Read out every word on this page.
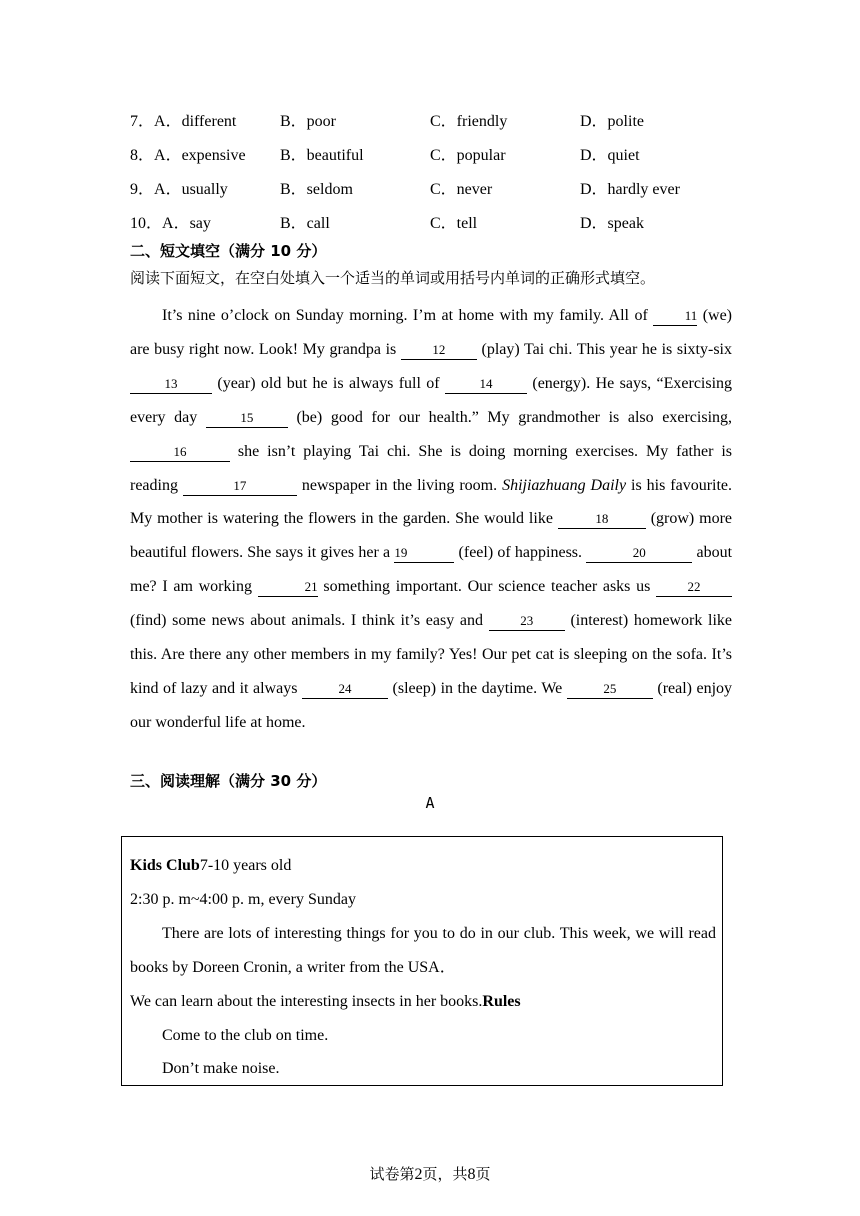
7．A．different	B．poor	C．friendly	D．polite
8．A．expensive B．beautiful	C．popular	D．quiet
9．A．usually	B．seldom	C．never	D．hardly ever
10．A．say	B．call	C．tell	D．speak
二、短文填空（满分 10 分）
阅读下面短文，在空白处填入一个适当的单词或用括号内单词的正确形式填空。

It’s nine o’clock on Sunday morning. I’m at home with my family. All of	11 (we) are busy right now. Look! My grandpa is	12 (play) Tai chi. This year he is sixty-six 13 (year) old but he is always full of	14 (energy). He says, “Exercising every day	15	(be) good for our health.” My grandmother is also exercising, 16	she isn’t playing Tai chi. She is doing morning exercises. My father is reading	17	newspaper in the living room. Shijiazhuang Daily is his favourite. My mother is watering the flowers in the garden. She would like	18	(grow) more beautiful flowers. She says it gives her a 19	(feel) of happiness.	20	about me? I am working	21 something important. Our science teacher asks us	22 (find) some news about animals. I think it’s easy and	23 (interest) homework like this. Are there any other members in my family? Yes! Our pet cat is sleeping on the sofa. It’s kind of lazy and it always	24	(sleep) in the daytime. We	25	(real) enjoy our wonderful life at home.

三、阅读理解（满分 30 分）
A

Kids Club7-10 years old

2:30 p. m~4:00 p. m, every Sunday

There are lots of interesting things for you to do in our club. This week, we will read books by Doreen Cronin, a writer from the USA．

We can learn about the interesting insects in her books.Rules

Come to the club on time.

Don’t make noise.

试卷第2页，共8页
